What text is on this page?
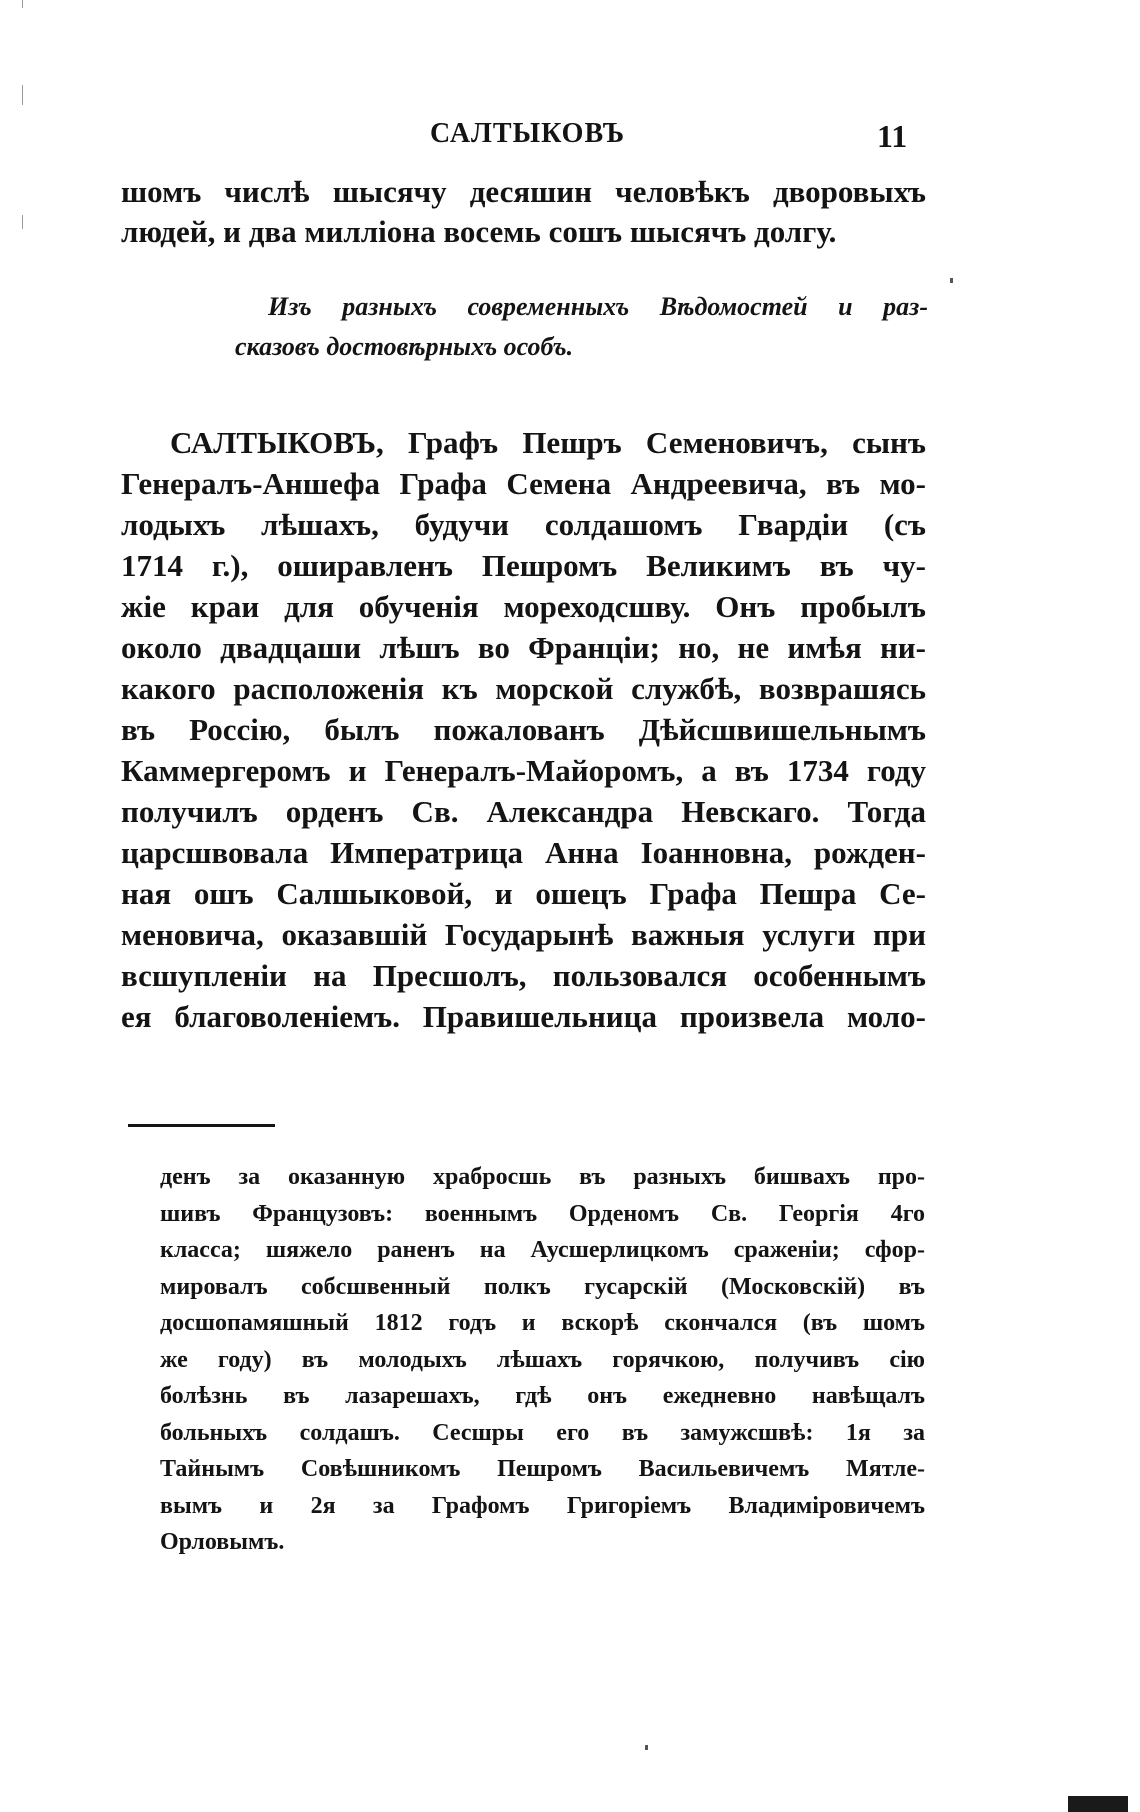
САЛТЫКОВЪ	11
шомъ числѣ шысячу десяшин человѣкъ дворовыхъ
людей, и два милліона восемь сошъ шысячъ долгу.
Изъ разныхъ современныхъ Вѣдомостей и раз-
сказовъ достовѣрныхъ особъ.
САЛТЫКОВЪ, Графъ Пешръ Семеновичъ, сынъ
Генералъ-Аншефа Графа Семена Андреевича, въ мо-
лодыхъ лѣшахъ, будучи солдашомъ Гвардіи (съ
1714 г.), оширавленъ Пешромъ Великимъ въ чу-
жіе краи для обученія мореходсшву. Онъ пробылъ
около двадцаши лѣшъ во Франціи; но, не имѣя ни-
какого расположенія къ морской службѣ, возврашясь
въ Россію, былъ пожалованъ Дѣйсшвишельнымъ
Каммергеромъ и Генералъ-Майоромъ, а въ 1734 году
получилъ орденъ Св. Александра Невскаго. Тогда
царсшвовала Императрица Анна Іоанновна, рожден-
ная ошъ Салшыковой, и ошецъ Графа Пешра Се-
меновича, оказавшій Государынѣ важныя услуги при
всшупленіи на Пресшолъ, пользовался особеннымъ
ея благоволеніемъ. Правишельница произвела моло-
денъ за оказанную храбросшь въ разныхъ бишвахъ про-
шивъ Французовъ: военнымъ Орденомъ Св. Георгія 4го
класса; шяжело раненъ на Аусшерлицкомъ сраженіи; сфор-
мировалъ собсшвенный полкъ гусарскій (Московскій) въ
досшопамяшный 1812 годъ и вскорѣ скончался (въ шомъ
же году) въ молодыхъ лѣшахъ горячкою, получивъ сію
болѣзнь въ лазарешахъ, гдѣ онъ ежедневно навѣщалъ
больныхъ солдашъ. Сесшры его въ замужсшвѣ: 1я за
Тайнымъ Совѣшникомъ Пешромъ Васильевичемъ Мятле-
вымъ и 2я за Графомъ Григоріемъ Владиміровичемъ
Орловымъ.
